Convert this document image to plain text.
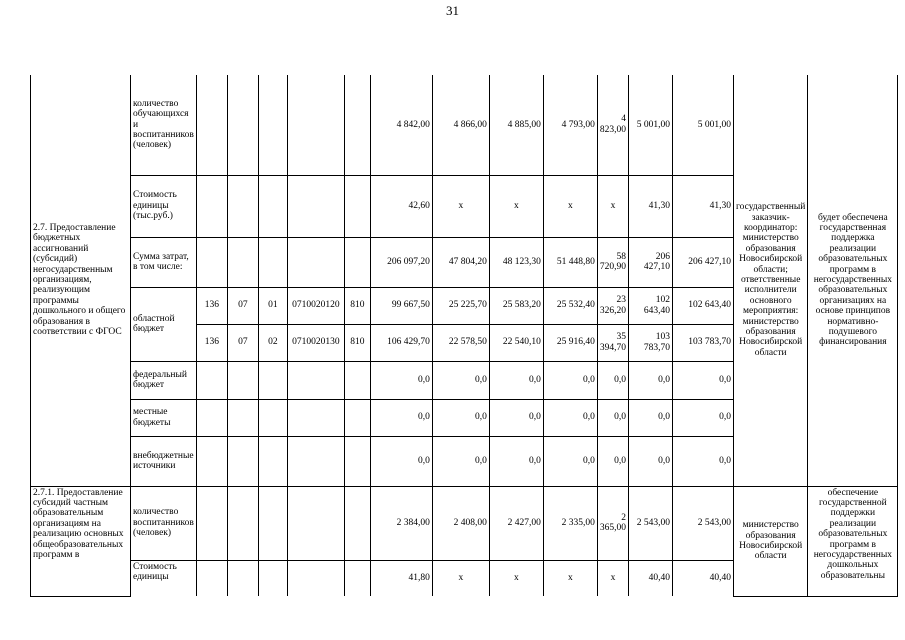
31
2.7. Предоставление бюджетных ассигнований (субсидий) негосударственным организациям, реализующим программы дошкольного и общего образования в соответствии с ФГОС	количество обучающихся и воспитанников (человек)						4 842,00	4 866,00	4 885,00	4 793,00	4 823,00	5 001,00	5 001,00	государственный заказчик-координатор: министерство образования Новосибирской области; ответственные исполнители основного мероприятия: министерство образования Новосибирской области	будет обеспечена государственная поддержка реализации образовательных программ в негосударственных образовательных организациях на основе принципов нормативно-подушевого финансирования
	Стоимость единицы (тыс.руб.)						42,60	х	х	х	х	41,30	41,30		
	Сумма затрат, в том числе:						206 097,20	47 804,20	48 123,30	51 448,80	58 720,90	206 427,10	206 427,10		
	областной бюджет	136	07	01	0710020120	810	99 667,50	25 225,70	25 583,20	25 532,40	23 326,20	102 643,40	102 643,40		
		136	07	02	0710020130	810	106 429,70	22 578,50	22 540,10	25 916,40	35 394,70	103 783,70	103 783,70		
	федеральный бюджет						0,0	0,0	0,0	0,0	0,0	0,0	0,0		
	местные бюджеты						0,0	0,0	0,0	0,0	0,0	0,0	0,0		
	внебюджетные источники						0,0	0,0	0,0	0,0	0,0	0,0	0,0		
2.7.1. Предоставление субсидий частным образовательным организациям на реализацию основных общеобразовательных программ в	количество воспитанников (человек)						2 384,00	2 408,00	2 427,00	2 335,00	2 365,00	2 543,00	2 543,00	министерство образования Новосибирской области	обеспечение государственной поддержки реализации образовательных программ в негосударственных дошкольных образовательны
	Стоимость единицы						41,80	х	х	х	х	40,40	40,40		
